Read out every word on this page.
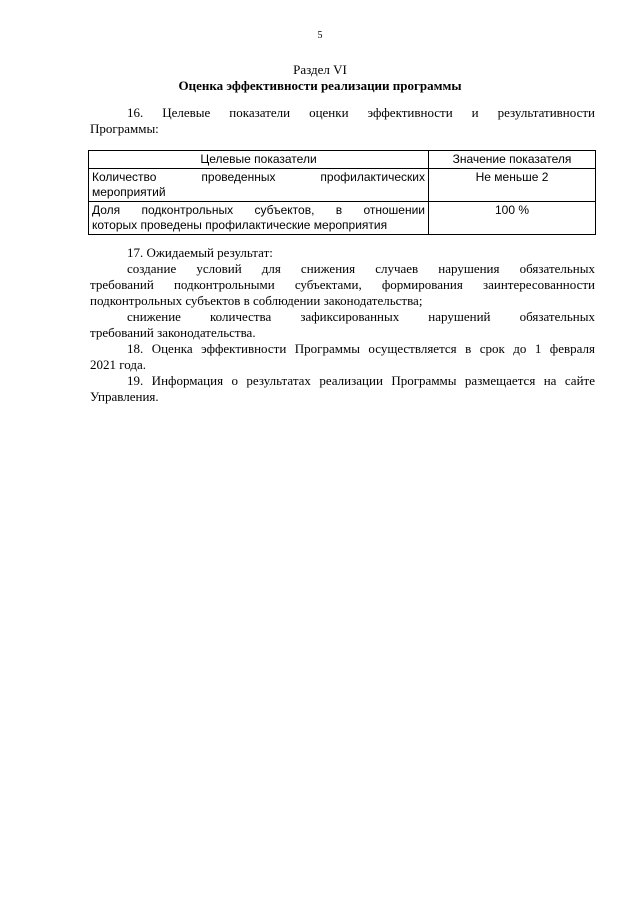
5
Раздел VI
Оценка эффективности реализации программы
16. Целевые показатели оценки эффективности и результативности
Программы:
Целевые показатели	Значение показателя

Количество проведенных профилактических
мероприятий	Не меньше 2

Доля подконтрольных субъектов, в отношении
которых проведены профилактические мероприятия	100 %
17. Ожидаемый результат:
создание условий для снижения случаев нарушения обязательных
требований подконтрольными субъектами, формирования заинтересованности
подконтрольных субъектов в соблюдении законодательства;
снижение количества зафиксированных нарушений обязательных
требований законодательства.
18. Оценка эффективности Программы осуществляется в срок до 1 февраля
2021 года.
19. Информация о результатах реализации Программы размещается на сайте
Управления.
